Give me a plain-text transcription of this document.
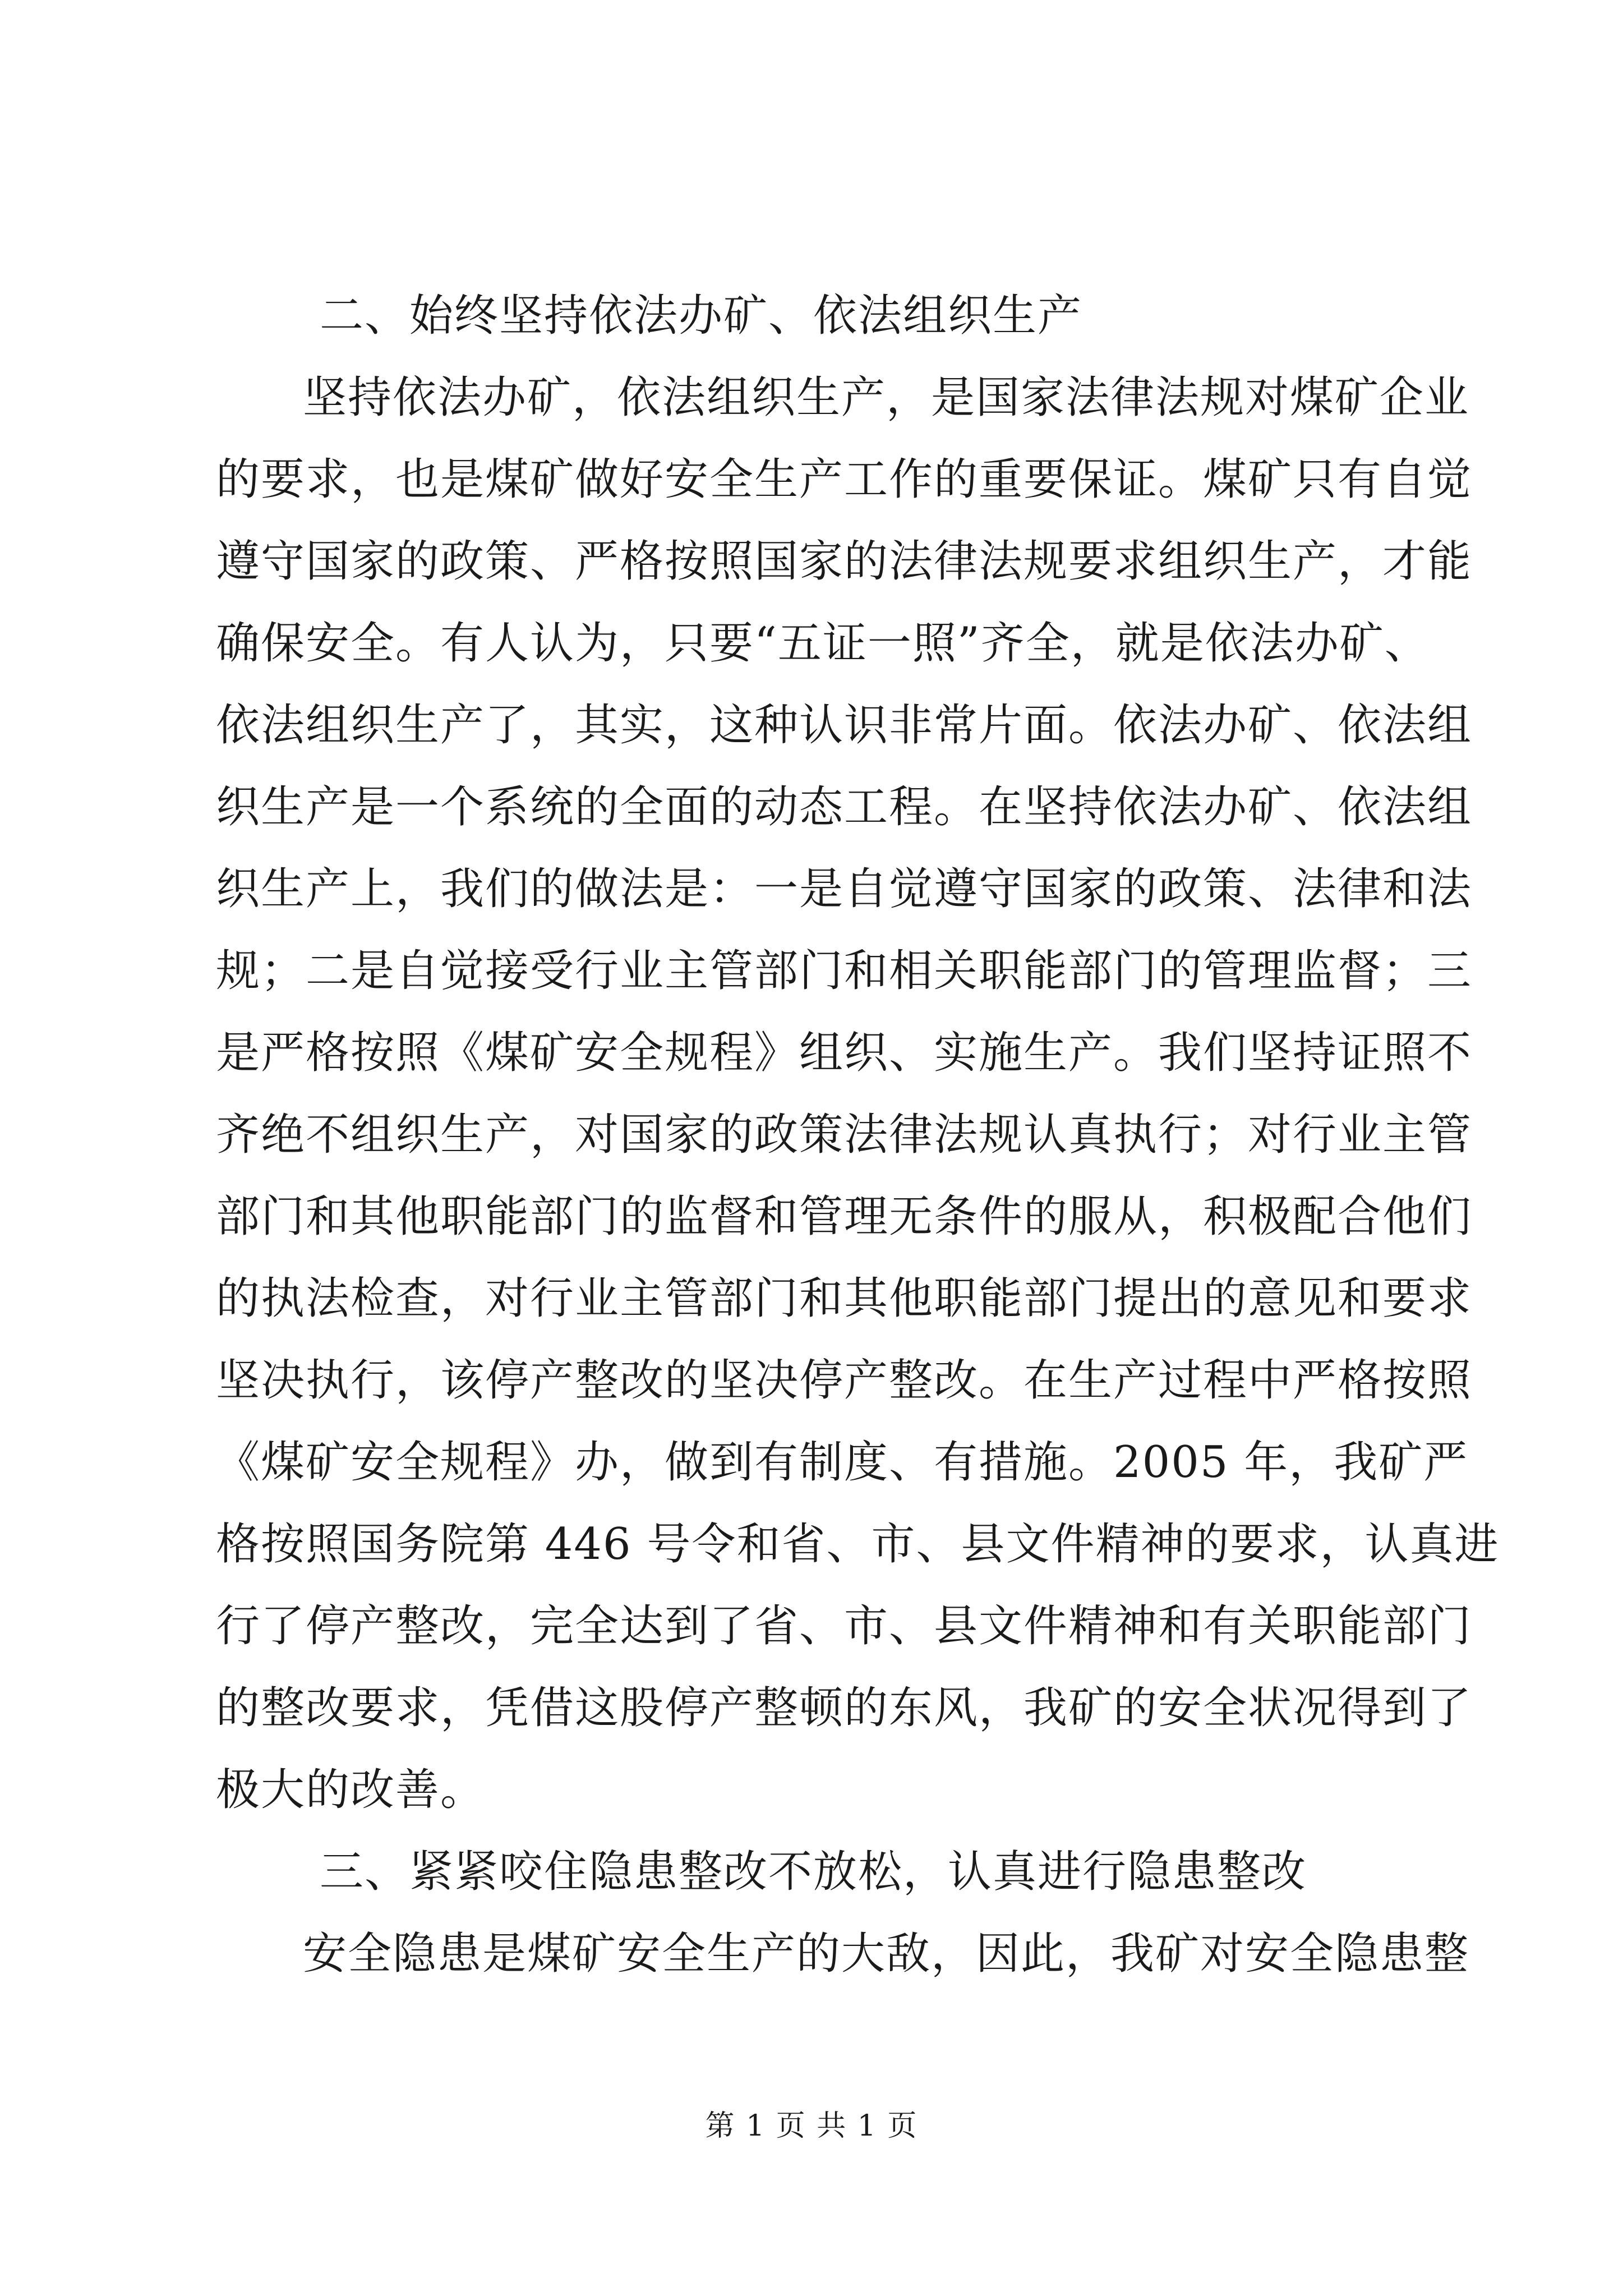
二、始终坚持依法办矿、依法组织生产
坚持依法办矿，依法组织生产，是国家法律法规对煤矿企业
的要求，也是煤矿做好安全生产工作的重要保证。煤矿只有自觉
遵守国家的政策、严格按照国家的法律法规要求组织生产，才能
确保安全。有人认为，只要“五证一照”齐全，就是依法办矿、
依法组织生产了，其实，这种认识非常片面。依法办矿、依法组
织生产是一个系统的全面的动态工程。在坚持依法办矿、依法组
织生产上，我们的做法是：一是自觉遵守国家的政策、法律和法
规；二是自觉接受行业主管部门和相关职能部门的管理监督；三
是严格按照《煤矿安全规程》组织、实施生产。我们坚持证照不
齐绝不组织生产，对国家的政策法律法规认真执行；对行业主管
部门和其他职能部门的监督和管理无条件的服从，积极配合他们
的执法检查，对行业主管部门和其他职能部门提出的意见和要求
坚决执行，该停产整改的坚决停产整改。在生产过程中严格按照
《煤矿安全规程》办，做到有制度、有措施。2005 年，我矿严
格按照国务院第 446 号令和省、市、县文件精神的要求，认真进
行了停产整改，完全达到了省、市、县文件精神和有关职能部门
的整改要求，凭借这股停产整顿的东风，我矿的安全状况得到了
极大的改善。
三、紧紧咬住隐患整改不放松，认真进行隐患整改
安全隐患是煤矿安全生产的大敌，因此，我矿对安全隐患整
第 1 页 共 1 页
